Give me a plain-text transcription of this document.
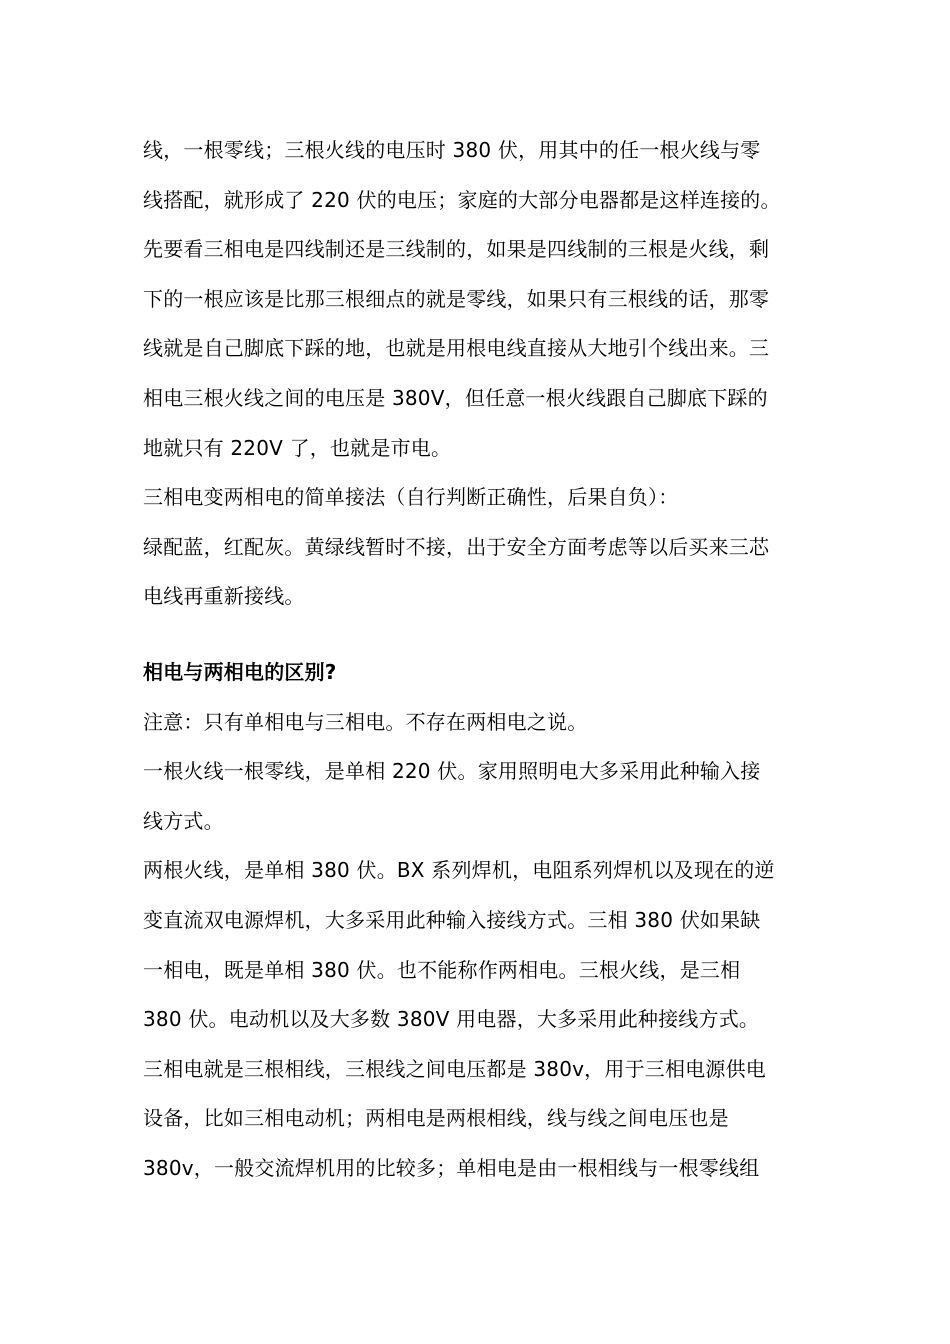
线，一根零线；三根火线的电压时 380 伏，用其中的任一根火线与零
线搭配，就形成了 220 伏的电压；家庭的大部分电器都是这样连接的。
先要看三相电是四线制还是三线制的，如果是四线制的三根是火线，剩
下的一根应该是比那三根细点的就是零线，如果只有三根线的话，那零
线就是自己脚底下踩的地，也就是用根电线直接从大地引个线出来。三
相电三根火线之间的电压是 380V，但任意一根火线跟自己脚底下踩的
地就只有 220V 了，也就是市电。
三相电变两相电的简单接法（自行判断正确性，后果自负）：
绿配蓝，红配灰。黄绿线暂时不接，出于安全方面考虑等以后买来三芯
电线再重新接线。
相电与两相电的区别?
注意：只有单相电与三相电。不存在两相电之说。
一根火线一根零线，是单相 220 伏。家用照明电大多采用此种输入接
线方式。
两根火线，是单相 380 伏。BX 系列焊机，电阻系列焊机以及现在的逆
变直流双电源焊机，大多采用此种输入接线方式。三相 380 伏如果缺
一相电，既是单相 380 伏。也不能称作两相电。三根火线，是三相
380 伏。电动机以及大多数 380V 用电器，大多采用此种接线方式。
三相电就是三根相线，三根线之间电压都是 380v，用于三相电源供电
设备，比如三相电动机；两相电是两根相线，线与线之间电压也是
380v，一般交流焊机用的比较多；单相电是由一根相线与一根零线组
